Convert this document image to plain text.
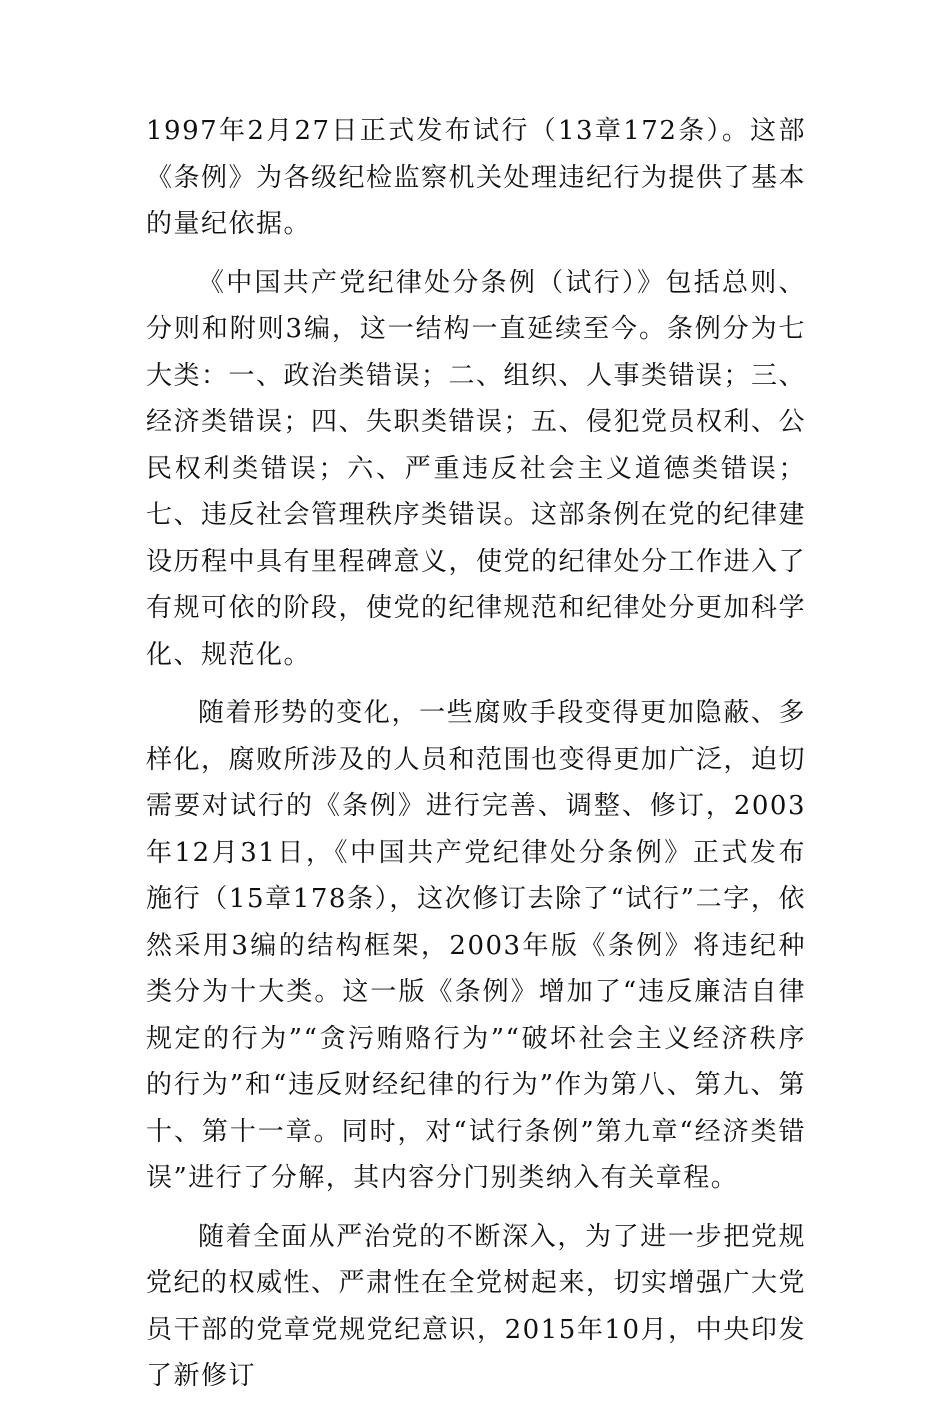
1997年2月27日正式发布试行（13章172条）。这部《条例》为各级纪检监察机关处理违纪行为提供了基本的量纪依据。

《中国共产党纪律处分条例（试行）》包括总则、分则和附则3编，这一结构一直延续至今。条例分为七大类：一、政治类错误；二、组织、人事类错误；三、经济类错误；四、失职类错误；五、侵犯党员权利、公民权利类错误；六、严重违反社会主义道德类错误；七、违反社会管理秩序类错误。这部条例在党的纪律建设历程中具有里程碑意义，使党的纪律处分工作进入了有规可依的阶段，使党的纪律规范和纪律处分更加科学化、规范化。

随着形势的变化，一些腐败手段变得更加隐蔽、多样化，腐败所涉及的人员和范围也变得更加广泛，迫切需要对试行的《条例》进行完善、调整、修订，2003年12月31日，《中国共产党纪律处分条例》正式发布施行（15章178条），这次修订去除了“试行”二字，依然采用3编的结构框架，2003年版《条例》将违纪种类分为十大类。这一版《条例》增加了“违反廉洁自律规定的行为”“贪污贿赂行为”“破坏社会主义经济秩序的行为”和“违反财经纪律的行为”作为第八、第九、第十、第十一章。同时，对“试行条例”第九章“经济类错误”进行了分解，其内容分门别类纳入有关章程。

随着全面从严治党的不断深入，为了进一步把党规党纪的权威性、严肃性在全党树起来，切实增强广大党员干部的党章党规党纪意识，2015年10月，中央印发了新修订
